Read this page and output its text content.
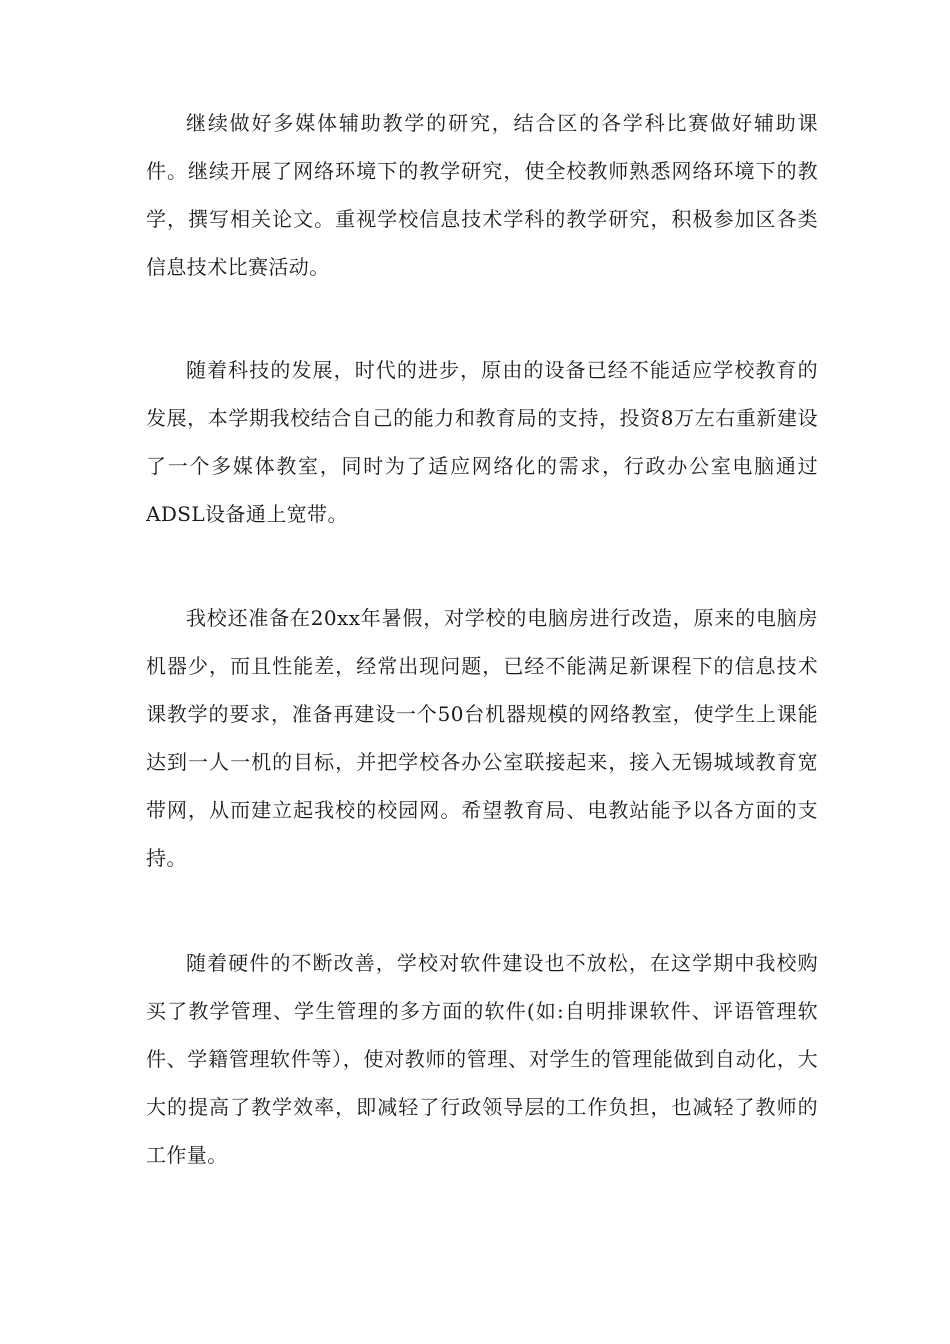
继续做好多媒体辅助教学的研究，结合区的各学科比赛做好辅助课件。继续开展了网络环境下的教学研究，使全校教师熟悉网络环境下的教学，撰写相关论文。重视学校信息技术学科的教学研究，积极参加区各类信息技术比赛活动。

随着科技的发展，时代的进步，原由的设备已经不能适应学校教育的发展，本学期我校结合自己的能力和教育局的支持，投资8万左右重新建设了一个多媒体教室，同时为了适应网络化的需求，行政办公室电脑通过ADSL设备通上宽带。

我校还准备在20xx年暑假，对学校的电脑房进行改造，原来的电脑房机器少，而且性能差，经常出现问题，已经不能满足新课程下的信息技术课教学的要求，准备再建设一个50台机器规模的网络教室，使学生上课能达到一人一机的目标，并把学校各办公室联接起来，接入无锡城域教育宽带网，从而建立起我校的校园网。希望教育局、电教站能予以各方面的支持。

随着硬件的不断改善，学校对软件建设也不放松，在这学期中我校购买了教学管理、学生管理的多方面的软件(如:自明排课软件、评语管理软件、学籍管理软件等），使对教师的管理、对学生的管理能做到自动化，大大的提高了教学效率，即减轻了行政领导层的工作负担，也减轻了教师的工作量。
